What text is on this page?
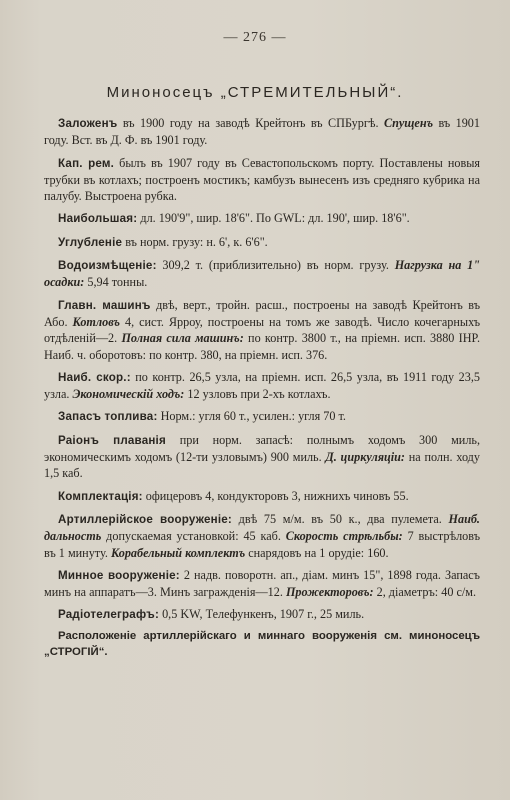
— 276 —
Миноносецъ „СТРЕМИТЕЛЬНЫЙ“.

Заложенъ въ 1900 году на заводѣ Крейтонъ въ СПБургѣ. Спущенъ въ 1901 году. Вст. въ Д. Ф. въ 1901 году.

Кап. рем. былъ въ 1907 году въ Севастопольскомъ порту. Поставлены новыя трубки въ котлахъ; построенъ мостикъ; камбузъ вынесенъ изъ средняго кубрика на палубу. Выстроена рубка.

Наибольшая: дл. 190'9", шир. 18'6". По GWL: дл. 190', шир. 18'6".

Углубленіе въ норм. грузу: н. 6', к. 6'6".

Водоизмѣщеніе: 309,2 т. (приблизительно) въ норм. грузу. Нагрузка на 1" осадки: 5,94 тонны.

Главн. машинъ двѣ, верт., тройн. расш., построены на заводѣ Крейтонъ въ Або. Котловъ 4, сист. Ярроу, построены на томъ же заводѣ. Число кочегарныхъ отдѣленій—2. Полная сила машинъ: по контр. 3800 т., на пріемн. исп. 3880 IHP. Наиб. ч. оборотовъ: по контр. 380, на пріемн. исп. 376.

Наиб. скор.: по контр. 26,5 узла, на пріемн. исп. 26,5 узла, въ 1911 году 23,5 узла. Экономическій ходъ: 12 узловъ при 2-хъ котлахъ.

Запасъ топлива: Норм.: угля 60 т., усилен.: угля 70 т.

Раіонъ плаванія при норм. запасѣ: полнымъ ходомъ 300 миль, экономическимъ ходомъ (12-ти узловымъ) 900 миль. Д. циркуляціи: на полн. ходу 1,5 каб.

Комплектація: офицеровъ 4, кондукторовъ 3, нижнихъ чиновъ 55.

Артиллерійское вооруженіе: двѣ 75 м/м. въ 50 к., два пулемета. Наиб. дальность допускаемая установкой: 45 каб. Скорость стрѣльбы: 7 выстрѣловъ въ 1 минуту. Корабельный комплектъ снарядовъ на 1 орудіе: 160.

Минное вооруженіе: 2 надв. поворотн. ап., діам. минъ 15", 1898 года. Запасъ минъ на аппаратъ—3. Минъ загражденія—12. Прожекторовъ: 2, діаметръ: 40 с/м.

Радіотелеграфъ: 0,5 KW, Телефункенъ, 1907 г., 25 миль.

Расположеніе артиллерійскаго и миннаго вооруженія см. миноносецъ „СТРОГІЙ“.
